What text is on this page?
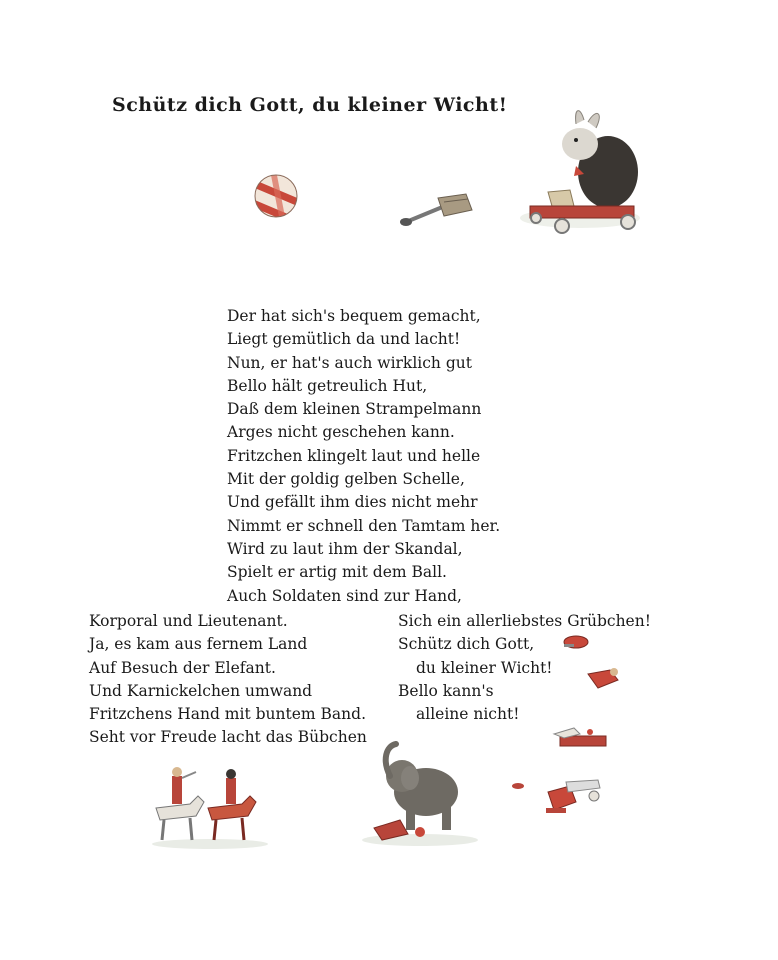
Schütz dich Gott, du kleiner Wicht!
Der hat sich's bequem gemacht,
Liegt gemütlich da und lacht!
Nun, er hat's auch wirklich gut
Bello hält getreulich Hut,
Daß dem kleinen Strampelmann
Arges nicht geschehen kann.
Fritzchen klingelt laut und helle
Mit der goldig gelben Schelle,
Und gefällt ihm dies nicht mehr
Nimmt er schnell den Tamtam her.
Wird zu laut ihm der Skandal,
Spielt er artig mit dem Ball.
Auch Soldaten sind zur Hand,
Korporal und Lieutenant.
Ja, es kam aus fernem Land
Auf Besuch der Elefant.
Und Karnickelchen umwand
Fritzchens Hand mit buntem Band.
Seht vor Freude lacht das Bübchen
Sich ein allerliebstes Grübchen!
Schütz dich Gott,
du kleiner Wicht!
Bello kann's
alleine nicht!
